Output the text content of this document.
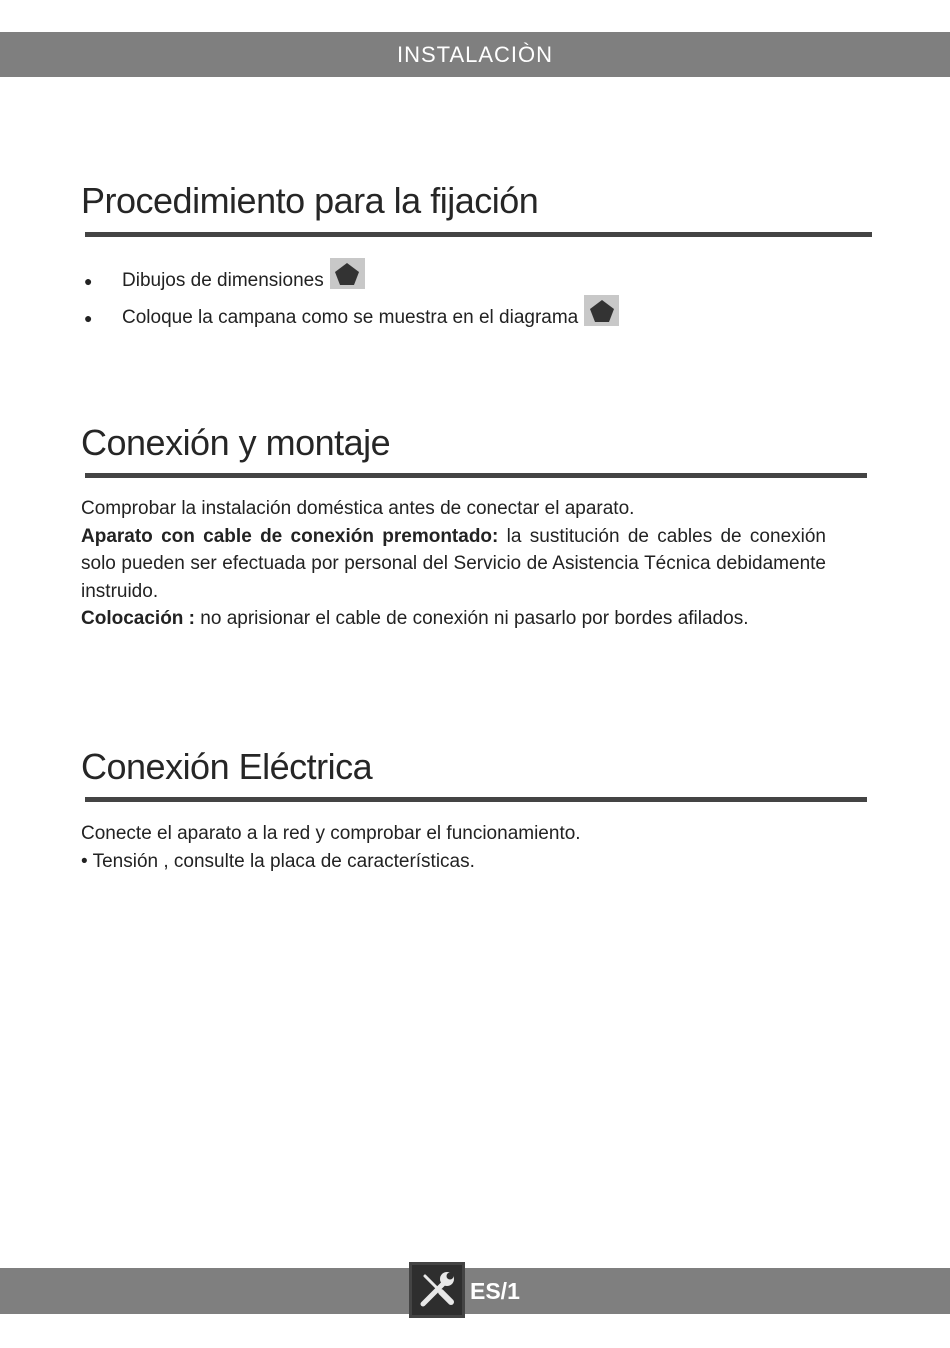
INSTALACIÒN
Procedimiento para la fijación
●	Dibujos de dimensiones
●	Coloque la campana como se muestra en el diagrama
Conexión y montaje

Comprobar la instalación doméstica antes de conectar el aparato.

Aparato con cable de conexión premontado: la sustitución de cables de conexión solo pueden ser efectuada por personal del Servicio de Asistencia Técnica debidamente instruido.

Colocación : no aprisionar el cable de conexión ni pasarlo por bordes afilados.

Conexión Eléctrica

Conecte el aparato a la red y comprobar el funcionamiento.

• Tensión , consulte la placa de características.

ES/1
